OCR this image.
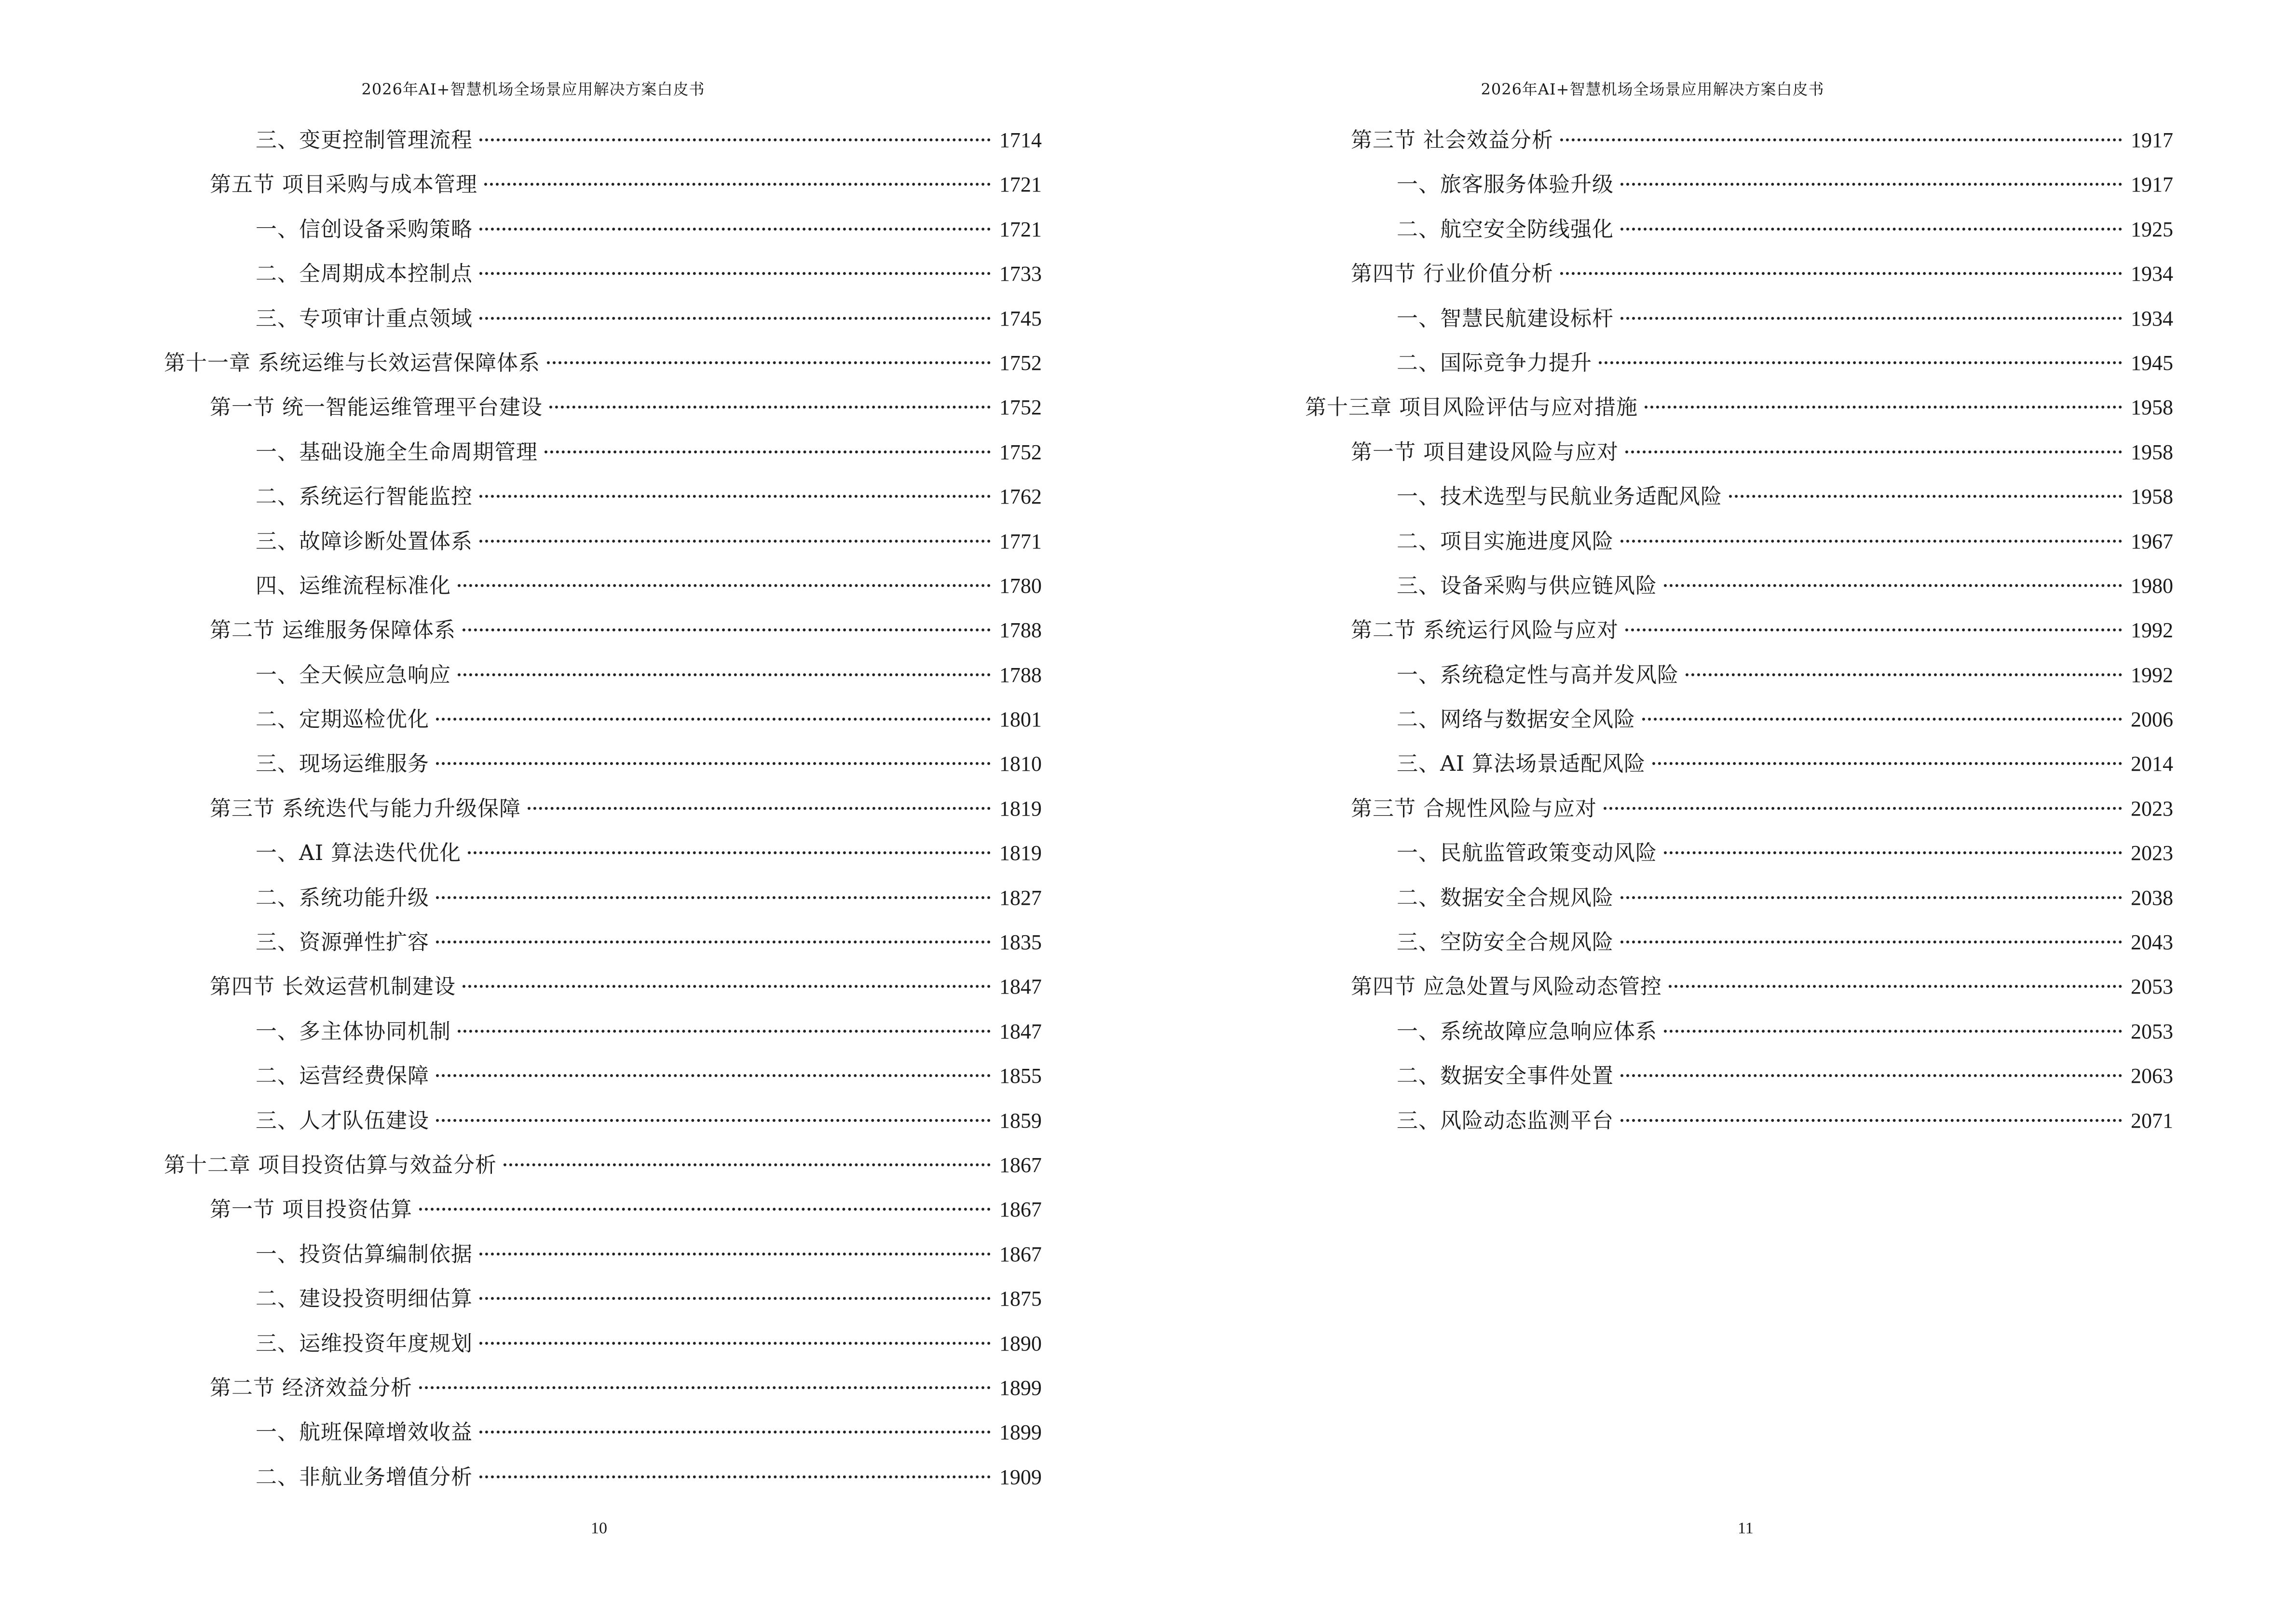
2026年AI+智慧机场全场景应用解决方案白皮书
三、变更控制管理流程	1714
第五节 项目采购与成本管理	1721
一、信创设备采购策略	1721
二、全周期成本控制点	1733
三、专项审计重点领域	1745
第十一章 系统运维与长效运营保障体系	1752
第一节 统一智能运维管理平台建设	1752
一、基础设施全生命周期管理	1752
二、系统运行智能监控	1762
三、故障诊断处置体系	1771
四、运维流程标准化	1780
第二节 运维服务保障体系	1788
一、全天候应急响应	1788
二、定期巡检优化	1801
三、现场运维服务	1810
第三节 系统迭代与能力升级保障	1819
一、AI 算法迭代优化	1819
二、系统功能升级	1827
三、资源弹性扩容	1835
第四节 长效运营机制建设	1847
一、多主体协同机制	1847
二、运营经费保障	1855
三、人才队伍建设	1859
第十二章 项目投资估算与效益分析	1867
第一节 项目投资估算	1867
一、投资估算编制依据	1867
二、建设投资明细估算	1875
三、运维投资年度规划	1890
第二节 经济效益分析	1899
一、航班保障增效收益	1899
二、非航业务增值分析	1909
10
2026年AI+智慧机场全场景应用解决方案白皮书
第三节 社会效益分析	1917
一、旅客服务体验升级	1917
二、航空安全防线强化	1925
第四节 行业价值分析	1934
一、智慧民航建设标杆	1934
二、国际竞争力提升	1945
第十三章 项目风险评估与应对措施	1958
第一节 项目建设风险与应对	1958
一、技术选型与民航业务适配风险	1958
二、项目实施进度风险	1967
三、设备采购与供应链风险	1980
第二节 系统运行风险与应对	1992
一、系统稳定性与高并发风险	1992
二、网络与数据安全风险	2006
三、AI 算法场景适配风险	2014
第三节 合规性风险与应对	2023
一、民航监管政策变动风险	2023
二、数据安全合规风险	2038
三、空防安全合规风险	2043
第四节 应急处置与风险动态管控	2053
一、系统故障应急响应体系	2053
二、数据安全事件处置	2063
三、风险动态监测平台	2071
11
